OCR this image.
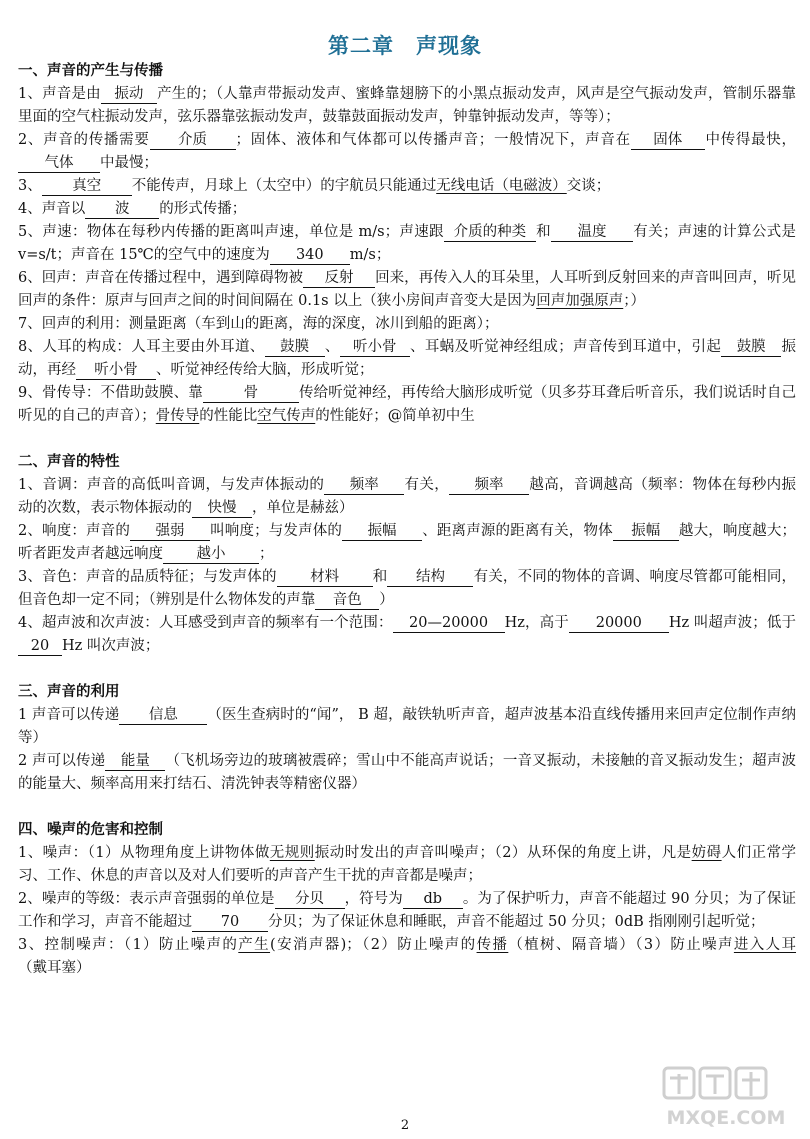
第二章　声现象
一、声音的产生与传播
1、声音是由 振动 产生的；（人靠声带振动发声、蜜蜂靠翅膀下的小黑点振动发声，风声是空气振动发声，管制乐器靠里面的空气柱振动发声，弦乐器靠弦振动发声，鼓靠鼓面振动发声，钟靠钟振动发声，等等）；
2、声音的传播需要 介质 ；固体、液体和气体都可以传播声音；一般情况下，声音在 固体 中传得最快，气体 中最慢；
3、 真空 不能传声，月球上（太空中）的宇航员只能通过无线电话（电磁波）交谈；
4、声音以 波 的形式传播；
5、声速：物体在每秒内传播的距离叫声速，单位是 m/s；声速跟 介质的种类 和 温度 有关；声速的计算公式是 v=s/t；声音在 15℃的空气中的速度为 340 m/s；
6、回声：声音在传播过程中，遇到障碍物被 反射 回来，再传入人的耳朵里，人耳听到反射回来的声音叫回声，听见回声的条件：原声与回声之间的时间间隔在 0.1s 以上（狭小房间声音变大是因为回声加强原声；）
7、回声的利用：测量距离（车到山的距离，海的深度，冰川到船的距离）；
8、人耳的构成：人耳主要由外耳道、 鼓膜 、 听小骨 、耳蜗及听觉神经组成；声音传到耳道中，引起 鼓膜 振动，再经 听小骨 、听觉神经传给大脑，形成听觉；
9、骨传导：不借助鼓膜、靠	骨	传给听觉神经，再传给大脑形成听觉（贝多芬耳聋后听音乐，我们说话时自己听见的自己的声音）；骨传导的性能比空气传声的性能好；@简单初中生
二、声音的特性
1、音调：声音的高低叫音调，与发声体振动的 频率 有关， 频率 越高，音调越高（频率：物体在每秒内振动的次数，表示物体振动的 快慢 ，单位是赫兹）
2、响度：声音的 强弱 叫响度；与发声体的 振幅 、距离声源的距离有关，物体 振幅 越大，响度越大；听者距发声者越远响度 越小 ；
3、音色：声音的品质特征；与发声体的 材料 和 结构 有关，不同的物体的音调、响度尽管都可能相同，但音色却一定不同；（辨别是什么物体发的声靠 音色 ）
4、超声波和次声波：人耳感受到声音的频率有一个范围： 20—20000 Hz，高于 20000 Hz 叫超声波；低于20 Hz 叫次声波；
三、声音的利用
1 声音可以传递 信息 （医生查病时的“闻”， B 超，敲铁轨听声音，超声波基本沿直线传播用来回声定位制作声纳等）
2 声可以传递 能量 （飞机场旁边的玻璃被震碎；雪山中不能高声说话；一音叉振动，未接触的音叉振动发生；超声波的能量大、频率高用来打结石、清洗钟表等精密仪器）
四、噪声的危害和控制
1、噪声：（1）从物理角度上讲物体做无规则振动时发出的声音叫噪声；（2）从环保的角度上讲，凡是妨碍人们正常学习、工作、休息的声音以及对人们要听的声音产生干扰的声音都是噪声；
2、噪声的等级：表示声音强弱的单位是 分贝 ，符号为 db 。为了保护听力，声音不能超过 90 分贝；为了保证工作和学习，声音不能超过 70 分贝；为了保证休息和睡眠，声音不能超过 50 分贝；0dB 指刚刚引起听觉；
3、控制噪声：（1）防止噪声的产生(安消声器)；（2）防止噪声的传播（植树、隔音墙）（3）防止噪声进入人耳（戴耳塞）
MXQE.COM
2
